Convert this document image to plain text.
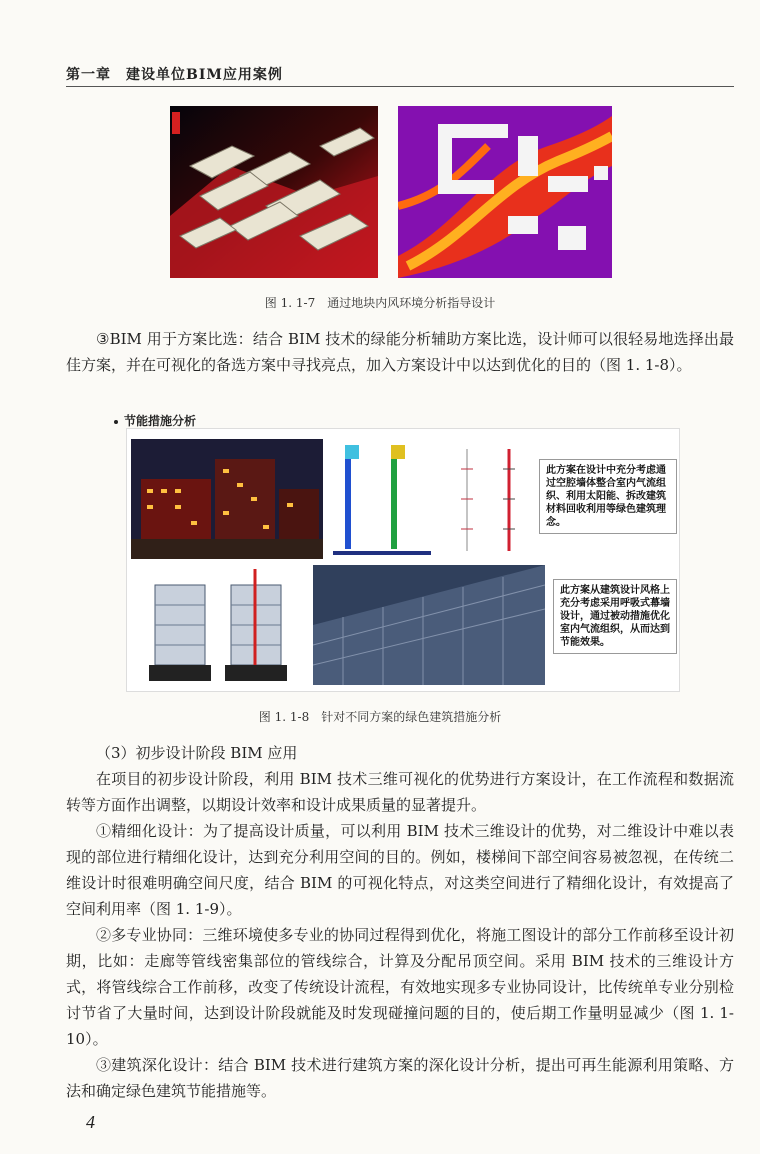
第一章　建设单位BIM应用案例
图 1. 1-7　通过地块内风环境分析指导设计

③BIM 用于方案比选：结合 BIM 技术的绿能分析辅助方案比选，设计师可以很轻易地选择出最佳方案，并在可视化的备选方案中寻找亮点，加入方案设计中以达到优化的目的（图 1. 1-8）。

节能措施分析
此方案在设计中充分考虑通过空腔墙体整合室内气流组织、利用太阳能、拆改建筑材料回收利用等绿色建筑理念。
此方案从建筑设计风格上充分考虑采用呼吸式幕墙设计，通过被动措施优化室内气流组织，从而达到节能效果。
图 1. 1-8　针对不同方案的绿色建筑措施分析

（3）初步设计阶段 BIM 应用

在项目的初步设计阶段，利用 BIM 技术三维可视化的优势进行方案设计，在工作流程和数据流转等方面作出调整，以期设计效率和设计成果质量的显著提升。

①精细化设计：为了提高设计质量，可以利用 BIM 技术三维设计的优势，对二维设计中难以表现的部位进行精细化设计，达到充分利用空间的目的。例如，楼梯间下部空间容易被忽视，在传统二维设计时很难明确空间尺度，结合 BIM 的可视化特点，对这类空间进行了精细化设计，有效提高了空间利用率（图 1. 1-9）。

②多专业协同：三维环境使多专业的协同过程得到优化，将施工图设计的部分工作前移至设计初期，比如：走廊等管线密集部位的管线综合，计算及分配吊顶空间。采用 BIM 技术的三维设计方式，将管线综合工作前移，改变了传统设计流程，有效地实现多专业协同设计，比传统单专业分别检讨节省了大量时间，达到设计阶段就能及时发现碰撞问题的目的，使后期工作量明显减少（图 1. 1-10）。

③建筑深化设计：结合 BIM 技术进行建筑方案的深化设计分析，提出可再生能源利用策略、方法和确定绿色建筑节能措施等。

4
